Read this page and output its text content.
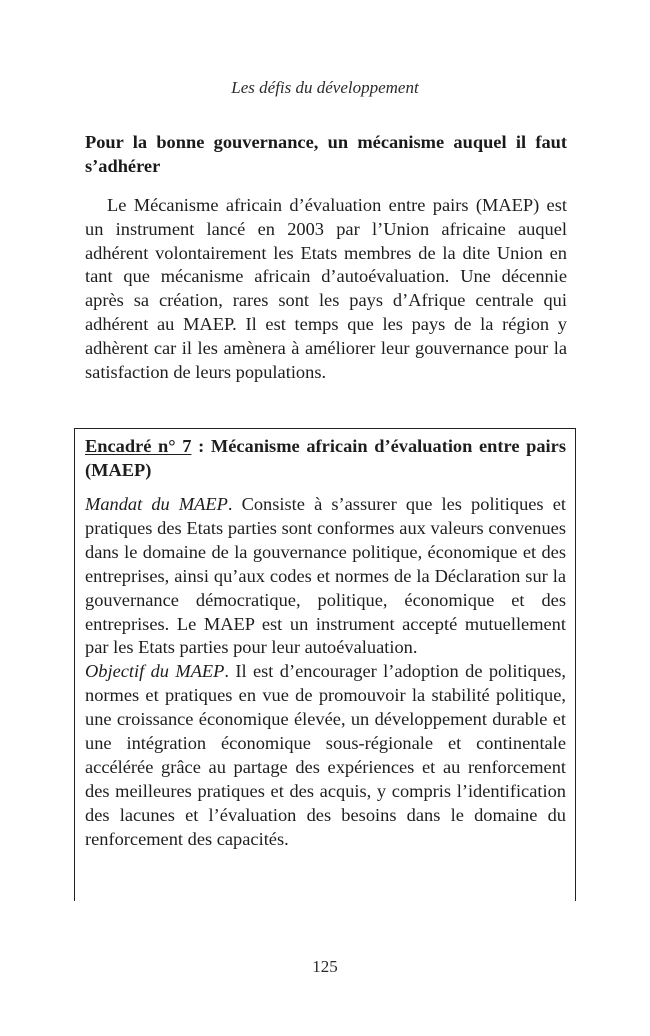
Les défis du développement
Pour la bonne gouvernance, un mécanisme auquel il faut s’adhérer

Le Mécanisme africain d’évaluation entre pairs (MAEP) est un instrument lancé en 2003 par l’Union africaine auquel adhérent volontairement les Etats membres de la dite Union en tant que mécanisme africain d’autoévaluation. Une décennie après sa création, rares sont les pays d’Afrique centrale qui adhérent au MAEP. Il est temps que les pays de la région y adhèrent car il les amènera à améliorer leur gouvernance pour la satisfaction de leurs populations.

Encadré n° 7 : Mécanisme africain d’évaluation entre pairs (MAEP)

Mandat du MAEP. Consiste à s’assurer que les politiques et pratiques des Etats parties sont conformes aux valeurs convenues dans le domaine de la gouvernance politique, économique et des entreprises, ainsi qu’aux codes et normes de la Déclaration sur la gouvernance démocratique, politique, économique et des entreprises. Le MAEP est un instrument accepté mutuellement par les Etats parties pour leur autoévaluation.

Objectif du MAEP. Il est d’encourager l’adoption de politiques, normes et pratiques en vue de promouvoir la stabilité politique, une croissance économique élevée, un développement durable et une intégration économique sous-régionale et continentale accélérée grâce au partage des expériences et au renforcement des meilleures pratiques et des acquis, y compris l’identification des lacunes et l’évaluation des besoins dans le domaine du renforcement des capacités.

125
